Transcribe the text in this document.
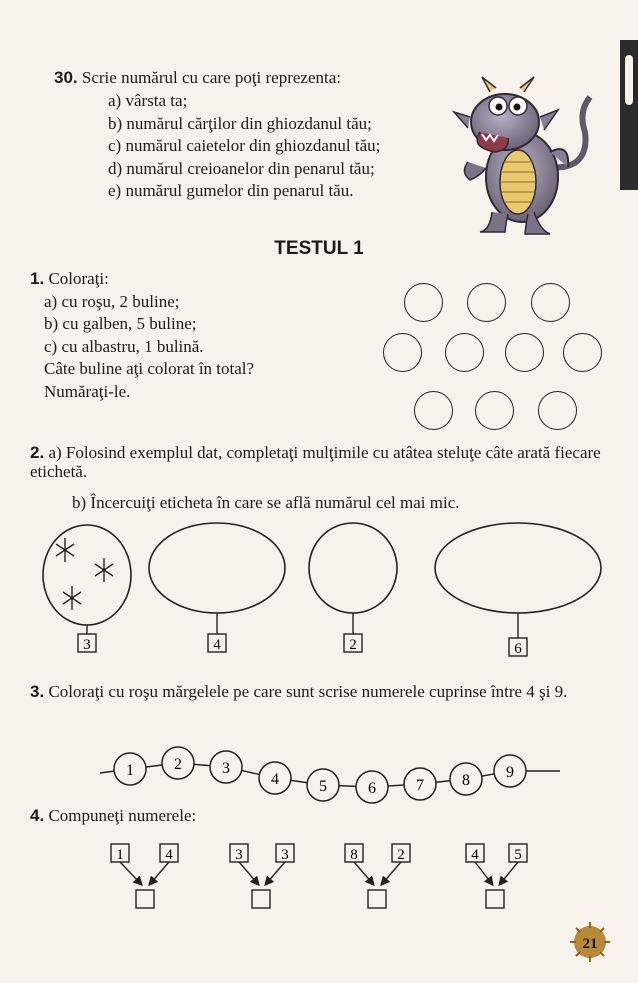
30. Scrie numărul cu care poţi reprezenta:
a) vârsta ta;
b) numărul cărţilor din ghiozdanul tău;
c) numărul caietelor din ghiozdanul tău;
d) numărul creioanelor din penarul tău;
e) numărul gumelor din penarul tău.
TESTUL 1
1. Coloraţi:
a) cu roşu, 2 buline;
b) cu galben, 5 buline;
c) cu albastru, 1 bulină.
Câte buline aţi colorat în total?
Număraţi-le.
2. a) Folosind exemplul dat, completaţi mulţimile cu atâtea steluţe câte arată fiecare etichetă.
b) Încercuiţi eticheta în care se află numărul cel mai mic.
3	4	2	6
3. Coloraţi cu roşu mărgelele pe care sunt scrise numerele cuprinse între 4 şi 9.
1	2	3
4	5	6	7 8 9
4. Compuneţi numerele:
1	4	3	3	8	2	4 5
21
